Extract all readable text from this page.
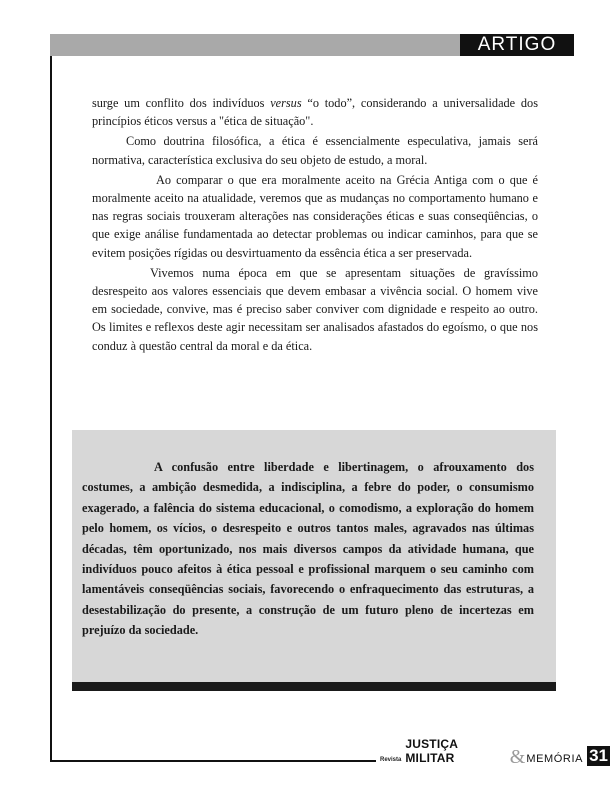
ARTIGO

surge um conflito dos indivíduos versus “o todo”, considerando a universalidade dos princípios éticos versus a "ética de situação".

Como doutrina filosófica, a ética é essencialmente especulativa, jamais será normativa, característica exclusiva do seu objeto de estudo, a moral.

Ao comparar o que era moralmente aceito na Grécia Antiga com o que é moralmente aceito na atualidade, veremos que as mudanças no comportamento humano e nas regras sociais trouxeram alterações nas considerações éticas e suas conseqüências, o que exige análise fundamentada ao detectar problemas ou indicar caminhos, para que se evitem posições rígidas ou desvirtuamento da essência ética a ser preservada.

Vivemos numa época em que se apresentam situações de gravíssimo desrespeito aos valores essenciais que devem embasar a vivência social. O homem vive em sociedade, convive, mas é preciso saber conviver com dignidade e respeito ao outro. Os limites e reflexos deste agir necessitam ser analisados afastados do egoísmo, o que nos conduz à questão central da moral e da ética.

A confusão entre liberdade e libertinagem, o afrouxamento dos costumes, a ambição desmedida, a indisciplina, a febre do poder, o consumismo exagerado, a falência do sistema educacional, o comodismo, a exploração do homem pelo homem, os vícios, o desrespeito e outros tantos males, agravados nas últimas décadas, têm oportunizado, nos mais diversos campos da atividade humana, que indivíduos pouco afeitos à ética pessoal e profissional marquem o seu caminho com lamentáveis conseqüências sociais, favorecendo o enfraquecimento das estruturas, a desestabilização do presente, a construção de um futuro pleno de incertezas em prejuízo da sociedade.

Revista
JUSTIÇA MILITAR	& MEMÓRIA 31
